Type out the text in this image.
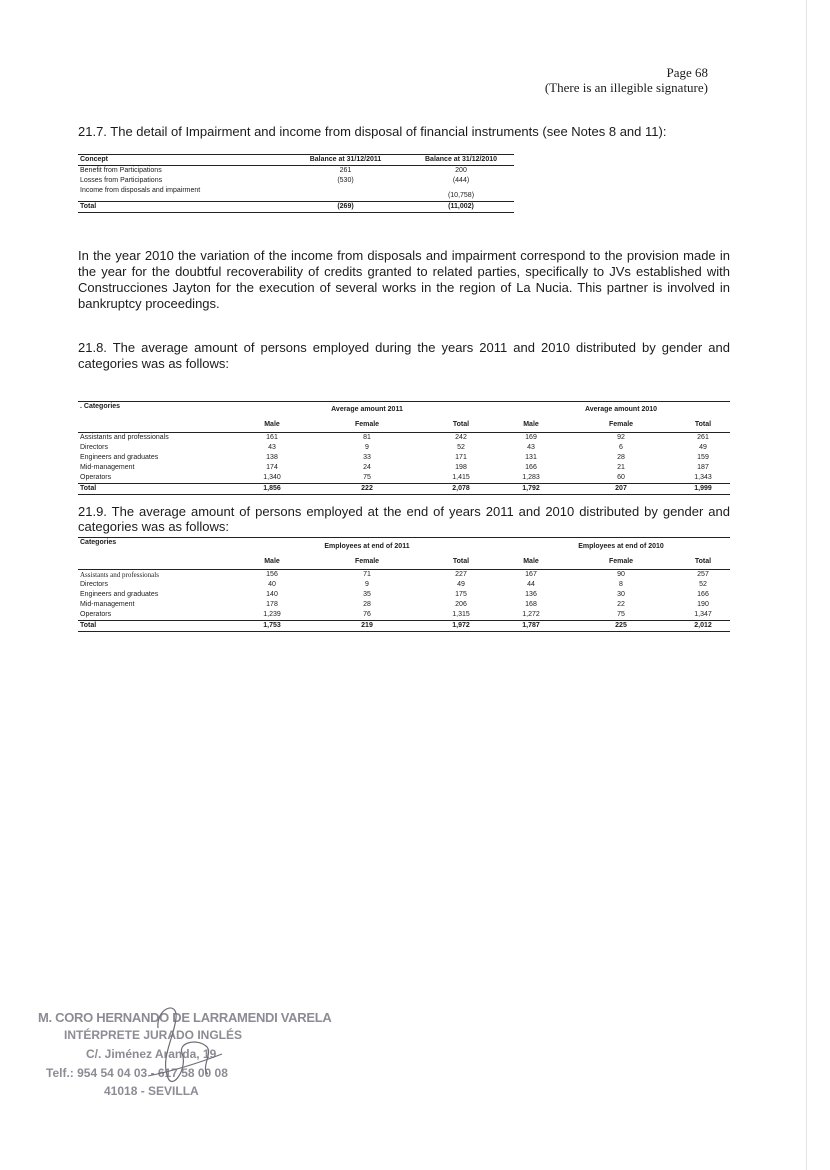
Page 68
(There is an illegible signature)
21.7. The detail of Impairment and income from disposal of financial instruments (see Notes 8 and 11):
Concept	Balance at 31/12/2011	Balance at 31/12/2010
Benefit from Participations	261	200
Losses from Participations	(530)	(444)
Income from disposals and impairment		(10,758)
Total	(269)	(11,002)
In the year 2010 the variation of the income from disposals and impairment correspond to the provision made in the year for the doubtful recoverability of credits granted to related parties, specifically to JVs established with Construcciones Jayton for the execution of several works in the region of La Nucia. This partner is involved in bankruptcy proceedings.
21.8. The average amount of persons employed during the years 2011 and 2010 distributed by gender and categories was as follows:
. Categories		Average amount 2011			Average amount 2010	
	Male	Female	Total	Male	Female	Total
Assistants and professionals	161	81	242	169	92	261
Directors	43	9	52	43	6	49
Engineers and graduates	138	33	171	131	28	159
Mid-management	174	24	198	166	21	187
Operators	1,340	75	1,415	1,283	60	1,343
Total	1,856	222	2,078	1,792	207	1,999
21.9. The average amount of persons employed at the end of years 2011 and 2010 distributed by gender and categories was as follows:
Categories		Employees at end of 2011			Employees at end of 2010	
	Male	Female	Total	Male	Female	Total
Assistants and professionals	156	71	227	167	90	257
Directors	40	9	49	44	8	52
Engineers and graduates	140	35	175	136	30	166
Mid-management	178	28	206	168	22	190
Operators	1,239	76	1,315	1,272	75	1,347
Total	1,753	219	1,972	1,787	225	2,012
M. CORO HERNANDO DE LARRAMENDI VARELA
INTÉRPRETE JURADO INGLÉS
C/. Jiménez Aranda, 19
Telf.: 954 54 04 03 - 617 58 00 08
41018 - SEVILLA
